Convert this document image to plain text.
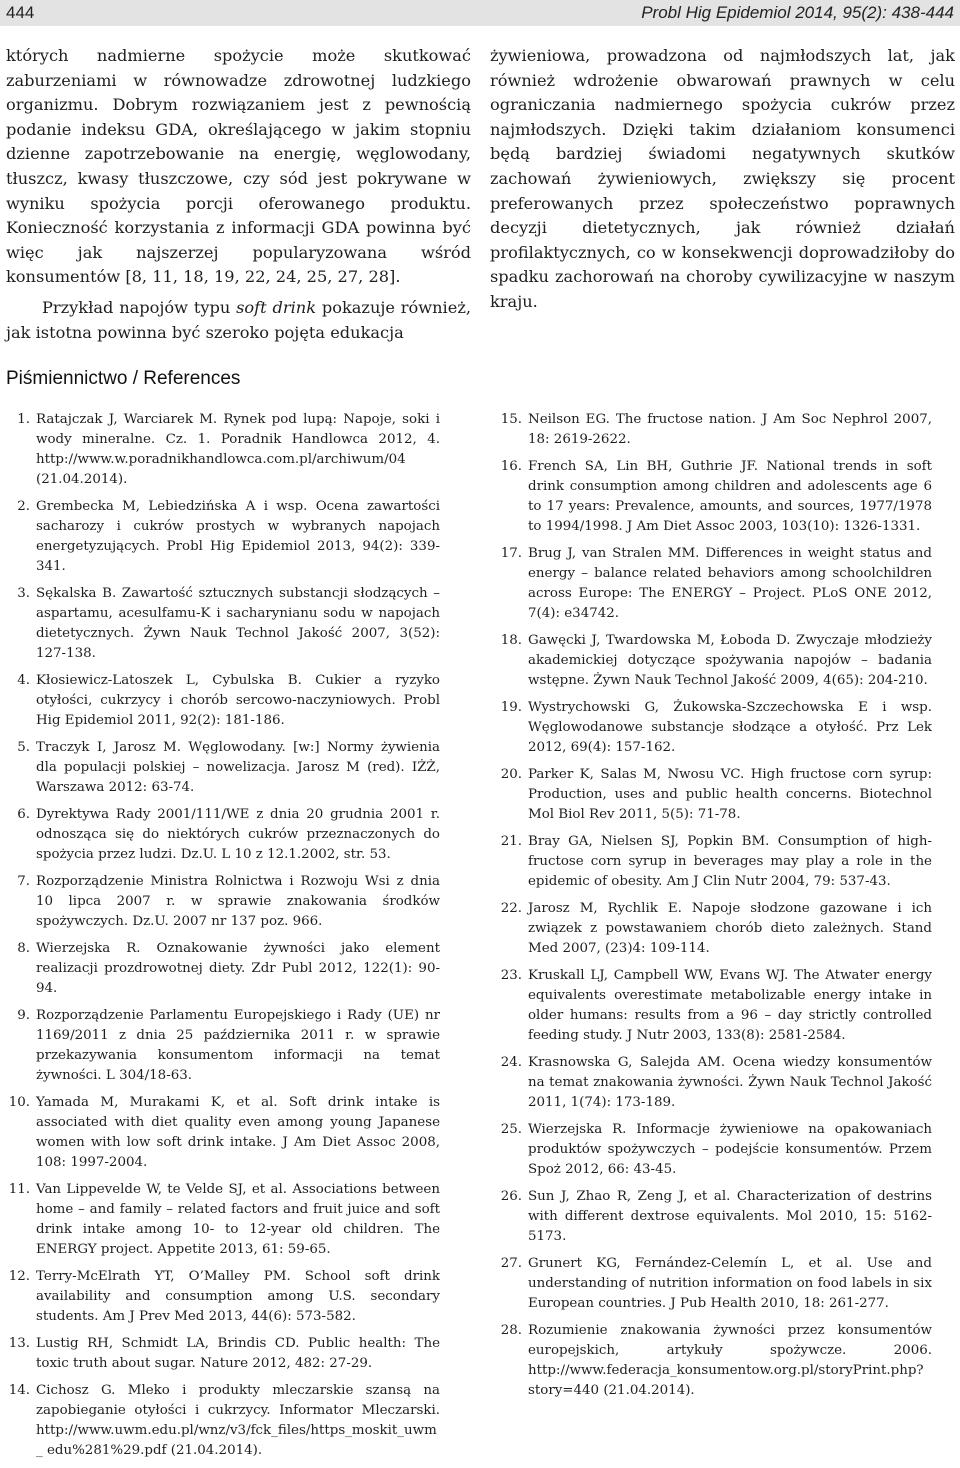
444	Probl Hig Epidemiol 2014, 95(2): 438-444

których nadmierne spożycie może skutkować zaburzeniami w równowadze zdrowotnej ludzkiego organizmu. Dobrym rozwiązaniem jest z pewnością podanie indeksu GDA, określającego w jakim stopniu dzienne zapotrzebowanie na energię, węglowodany, tłuszcz, kwasy tłuszczowe, czy sód jest pokrywane w wyniku spożycia porcji oferowanego produktu. Konieczność korzystania z informacji GDA powinna być więc jak najszerzej popularyzowana wśród konsumentów [8, 11, 18, 19, 22, 24, 25, 27, 28].

Przykład napojów typu soft drink pokazuje również, jak istotna powinna być szeroko pojęta edukacja

żywieniowa, prowadzona od najmłodszych lat, jak również wdrożenie obwarowań prawnych w celu ograniczania nadmiernego spożycia cukrów przez najmłodszych. Dzięki takim działaniom konsumenci będą bardziej świadomi negatywnych skutków zachowań żywieniowych, zwiększy się procent preferowanych przez społeczeństwo poprawnych decyzji dietetycznych, jak również działań profilaktycznych, co w konsekwencji doprowadziłoby do spadku zachorowań na choroby cywilizacyjne w naszym kraju.

Piśmiennictwo / References
1. Ratajczak J, Warciarek M. Rynek pod lupą: Napoje, soki i wody mineralne. Cz. 1. Poradnik Handlowca 2012, 4. http://www.w.poradnikhandlowca.com.pl/archiwum/04 (21.04.2014).
2. Grembecka M, Lebiedzińska A i wsp. Ocena zawartości sacharozy i cukrów prostych w wybranych napojach energetyzujących. Probl Hig Epidemiol 2013, 94(2): 339-341.
3. Sękalska B. Zawartość sztucznych substancji słodzących – aspartamu, acesulfamu-K i sacharynianu sodu w napojach dietetycznych. Żywn Nauk Technol Jakość 2007, 3(52): 127-138.
4. Kłosiewicz-Latoszek L, Cybulska B. Cukier a ryzyko otyłości, cukrzycy i chorób sercowo-naczyniowych. Probl Hig Epidemiol 2011, 92(2): 181-186.
5. Traczyk I, Jarosz M. Węglowodany. [w:] Normy żywienia dla populacji polskiej – nowelizacja. Jarosz M (red). IŻŻ, Warszawa 2012: 63-74.
6. Dyrektywa Rady 2001/111/WE z dnia 20 grudnia 2001 r. odnosząca się do niektórych cukrów przeznaczonych do spożycia przez ludzi. Dz.U. L 10 z 12.1.2002, str. 53.
7. Rozporządzenie Ministra Rolnictwa i Rozwoju Wsi z dnia 10 lipca 2007 r. w sprawie znakowania środków spożywczych. Dz.U. 2007 nr 137 poz. 966.
8. Wierzejska R. Oznakowanie żywności jako element realizacji prozdrowotnej diety. Zdr Publ 2012, 122(1): 90-94.
9. Rozporządzenie Parlamentu Europejskiego i Rady (UE) nr 1169/2011 z dnia 25 października 2011 r. w sprawie przekazywania konsumentom informacji na temat żywności. L 304/18-63.
10. Yamada M, Murakami K, et al. Soft drink intake is associated with diet quality even among young Japanese women with low soft drink intake. J Am Diet Assoc 2008, 108: 1997-2004.
11. Van Lippevelde W, te Velde SJ, et al. Associations between home – and family – related factors and fruit juice and soft drink intake among 10- to 12-year old children. The ENERGY project. Appetite 2013, 61: 59-65.
12. Terry-McElrath YT, O’Malley PM. School soft drink availability and consumption among U.S. secondary students. Am J Prev Med 2013, 44(6): 573-582.
13. Lustig RH, Schmidt LA, Brindis CD. Public health: The toxic truth about sugar. Nature 2012, 482: 27-29.
14. Cichosz G. Mleko i produkty mleczarskie szansą na zapobieganie otyłości i cukrzycy. Informator Mleczarski. http://www.uwm.edu.pl/wnz/v3/fck_files/https_moskit_uwm_ edu%281%29.pdf (21.04.2014).
15. Neilson EG. The fructose nation. J Am Soc Nephrol 2007, 18: 2619-2622.
16. French SA, Lin BH, Guthrie JF. National trends in soft drink consumption among children and adolescents age 6 to 17 years: Prevalence, amounts, and sources, 1977/1978 to 1994/1998. J Am Diet Assoc 2003, 103(10): 1326-1331.
17. Brug J, van Stralen MM. Differences in weight status and energy – balance related behaviors among schoolchildren across Europe: The ENERGY – Project. PLoS ONE 2012, 7(4): e34742.
18. Gawęcki J, Twardowska M, Łoboda D. Zwyczaje młodzieży akademickiej dotyczące spożywania napojów – badania wstępne. Żywn Nauk Technol Jakość 2009, 4(65): 204-210.
19. Wystrychowski G, Żukowska-Szczechowska E i wsp. Węglowodanowe substancje słodzące a otyłość. Prz Lek 2012, 69(4): 157-162.
20. Parker K, Salas M, Nwosu VC. High fructose corn syrup: Production, uses and public health concerns. Biotechnol Mol Biol Rev 2011, 5(5): 71-78.
21. Bray GA, Nielsen SJ, Popkin BM. Consumption of high-fructose corn syrup in beverages may play a role in the epidemic of obesity. Am J Clin Nutr 2004, 79: 537-43.
22. Jarosz M, Rychlik E. Napoje słodzone gazowane i ich związek z powstawaniem chorób dieto zależnych. Stand Med 2007, (23)4: 109-114.
23. Kruskall LJ, Campbell WW, Evans WJ. The Atwater energy equivalents overestimate metabolizable energy intake in older humans: results from a 96 – day strictly controlled feeding study. J Nutr 2003, 133(8): 2581-2584.
24. Krasnowska G, Salejda AM. Ocena wiedzy konsumentów na temat znakowania żywności. Żywn Nauk Technol Jakość 2011, 1(74): 173-189.
25. Wierzejska R. Informacje żywieniowe na opakowaniach produktów spożywczych – podejście konsumentów. Przem Spoż 2012, 66: 43-45.
26. Sun J, Zhao R, Zeng J, et al. Characterization of destrins with different dextrose equivalents. Mol 2010, 15: 5162-5173.
27. Grunert KG, Fernández-Celemín L, et al. Use and understanding of nutrition information on food labels in six European countries. J Pub Health 2010, 18: 261-277.
28. Rozumienie znakowania żywności przez konsumentów europejskich, artykuły spożywcze. 2006. http://www.federacja_konsumentow.org.pl/storyPrint.php?story=440 (21.04.2014).
